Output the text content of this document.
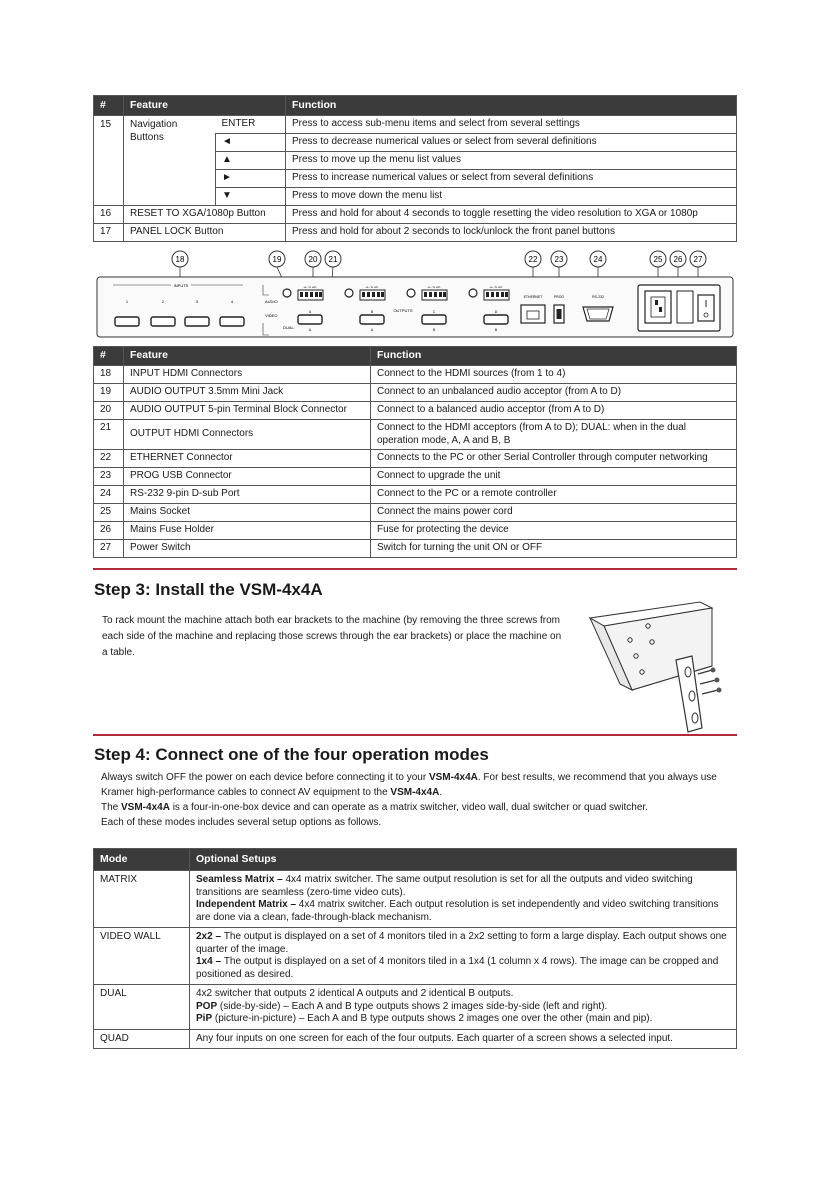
#	Feature		Function
15	Navigation Buttons	ENTER	Press to access sub-menu items and select from several settings
		◄	Press to decrease numerical values or select from several definitions
		▲	Press to move up the menu list values
		►	Press to increase numerical values or select from several definitions
		▼	Press to move down the menu list
16	RESET TO XGA/1080p Button		Press and hold for about 4 seconds to toggle resetting the video resolution to XGA or 1080p
17	PANEL LOCK Button		Press and hold for about 2 seconds to lock/unlock the front panel buttons
18	19	20 21	22 23	24	25 26 27
INPUTS
1	2	3	4	AUDIO
VIDEO
DUAL:
+L- G +R-	+L- G +R-	+L- G +R-	+L- G +R-
A	B	C	D
OUTPUTS
A	A	B	B
ETHERNET	PROG	RS-232
#	Feature	Function
18	INPUT HDMI Connectors	Connect to the HDMI sources (from 1 to 4)
19	AUDIO OUTPUT 3.5mm Mini Jack	Connect to an unbalanced audio acceptor (from A to D)
20	AUDIO OUTPUT 5-pin Terminal Block Connector	Connect to a balanced audio acceptor (from A to D)
21	OUTPUT HDMI Connectors	Connect to the HDMI acceptors (from A to D); DUAL: when in the dual operation mode, A, A and B, B
22	ETHERNET Connector	Connects to the PC or other Serial Controller through computer networking
23	PROG USB Connector	Connect to upgrade the unit
24	RS-232 9-pin D-sub Port	Connect to the PC or a remote controller
25	Mains Socket	Connect the mains power cord
26	Mains Fuse Holder	Fuse for protecting the device
27	Power Switch	Switch for turning the unit ON or OFF
Step 3: Install the VSM-4x4A
To rack mount the machine attach both ear brackets to the machine (by removing the three screws from each side of the machine and replacing those screws through the ear brackets) or place the machine on a table.
Step 4: Connect one of the four operation modes
Always switch OFF the power on each device before connecting it to your VSM-4x4A. For best results, we recommend that you always use Kramer high-performance cables to connect AV equipment to the VSM-4x4A.
The VSM-4x4A is a four-in-one-box device and can operate as a matrix switcher, video wall, dual switcher or quad switcher.
Each of these modes includes several setup options as follows.
Mode	Optional Setups
MATRIX	Seamless Matrix – 4x4 matrix switcher. The same output resolution is set for all the outputs and video switching transitions are seamless (zero-time video cuts).

Independent Matrix – 4x4 matrix switcher. Each output resolution is set independently and video switching transitions are done via a clean, fade-through-black mechanism.

VIDEO WALL	2x2 – The output is displayed on a set of 4 monitors tiled in a 2x2 setting to form a large display. Each output shows one quarter of the image.

1x4 – The output is displayed on a set of 4 monitors tiled in a 1x4 (1 column x 4 rows). The image can be cropped and positioned as desired.

DUAL	4x2 switcher that outputs 2 identical A outputs and 2 identical B outputs.

POP (side-by-side) – Each A and B type outputs shows 2 images side-by-side (left and right).

PiP (picture-in-picture) – Each A and B type outputs shows 2 images one over the other (main and pip).

QUAD	Any four inputs on one screen for each of the four outputs. Each quarter of a screen shows a selected input.
